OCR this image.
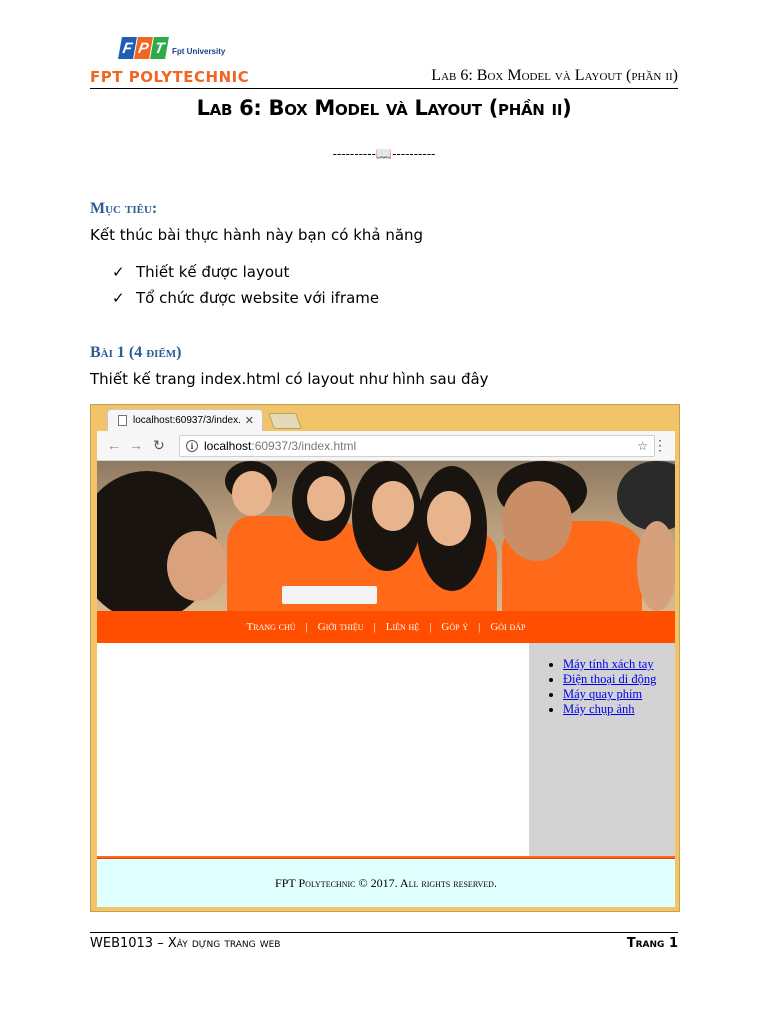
F P T Fpt University
FPT POLYTECHNIC	Lab 6: Box Model và Layout (phần ii)
Lab 6: Box Model và Layout (phần ii)
----------📖----------
Mục tiêu:
Kết thúc bài thực hành này bạn có khả năng
✓ Thiết kế được layout
✓ Tổ chức được website với iframe
Bài 1 (4 điểm)
Thiết kế trang index.html có layout như hình sau đây
localhost:60937/3/index. ✕
← → ↻	i localhost :60937/3/index.html	☆ ⋮
Trang chủ | Giới thiệu | Liên hệ | Góp ý | Gỏi đáp
• Máy tính xách tay
• Điện thoại di động
• Máy quay phim
• Máy chụp ảnh
FPT Polytechnic © 2017. All rights reserved.
WEB1013 – Xây dựng trang web	Trang 1
